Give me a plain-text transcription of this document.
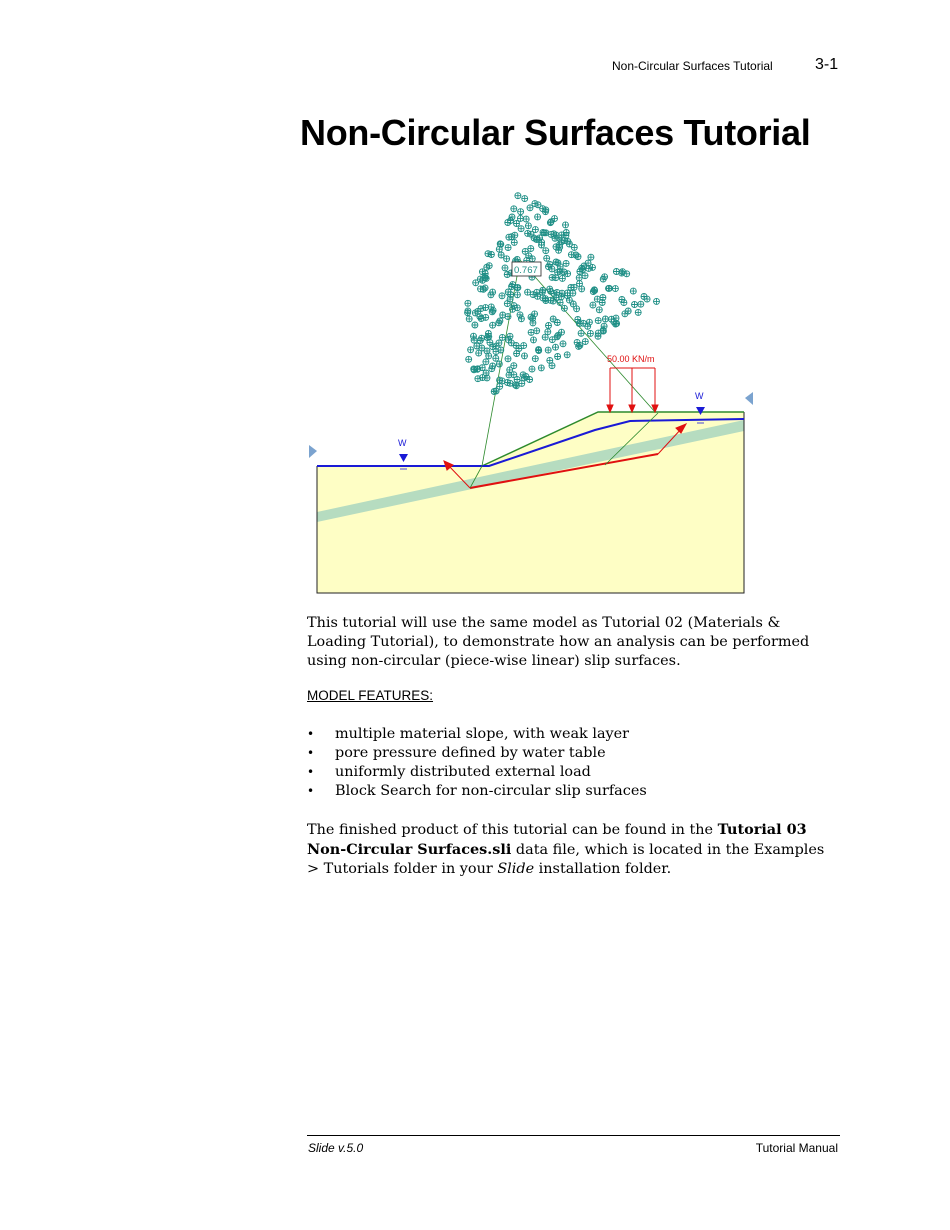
Non-Circular Surfaces Tutorial	3-1
Non-Circular Surfaces Tutorial
50.00 KN/m
W
W
0.767

This tutorial will use the same model as Tutorial 02 (Materials & Loading Tutorial), to demonstrate how an analysis can be performed using non-circular (piece-wise linear) slip surfaces.

MODEL FEATURES:
• multiple material slope, with weak layer
• pore pressure defined by water table
• uniformly distributed external load
• Block Search for non-circular slip surfaces

The finished product of this tutorial can be found in the Tutorial 03 Non-Circular Surfaces.sli data file, which is located in the Examples > Tutorials folder in your Slide installation folder.

Slide v.5.0	Tutorial Manual
